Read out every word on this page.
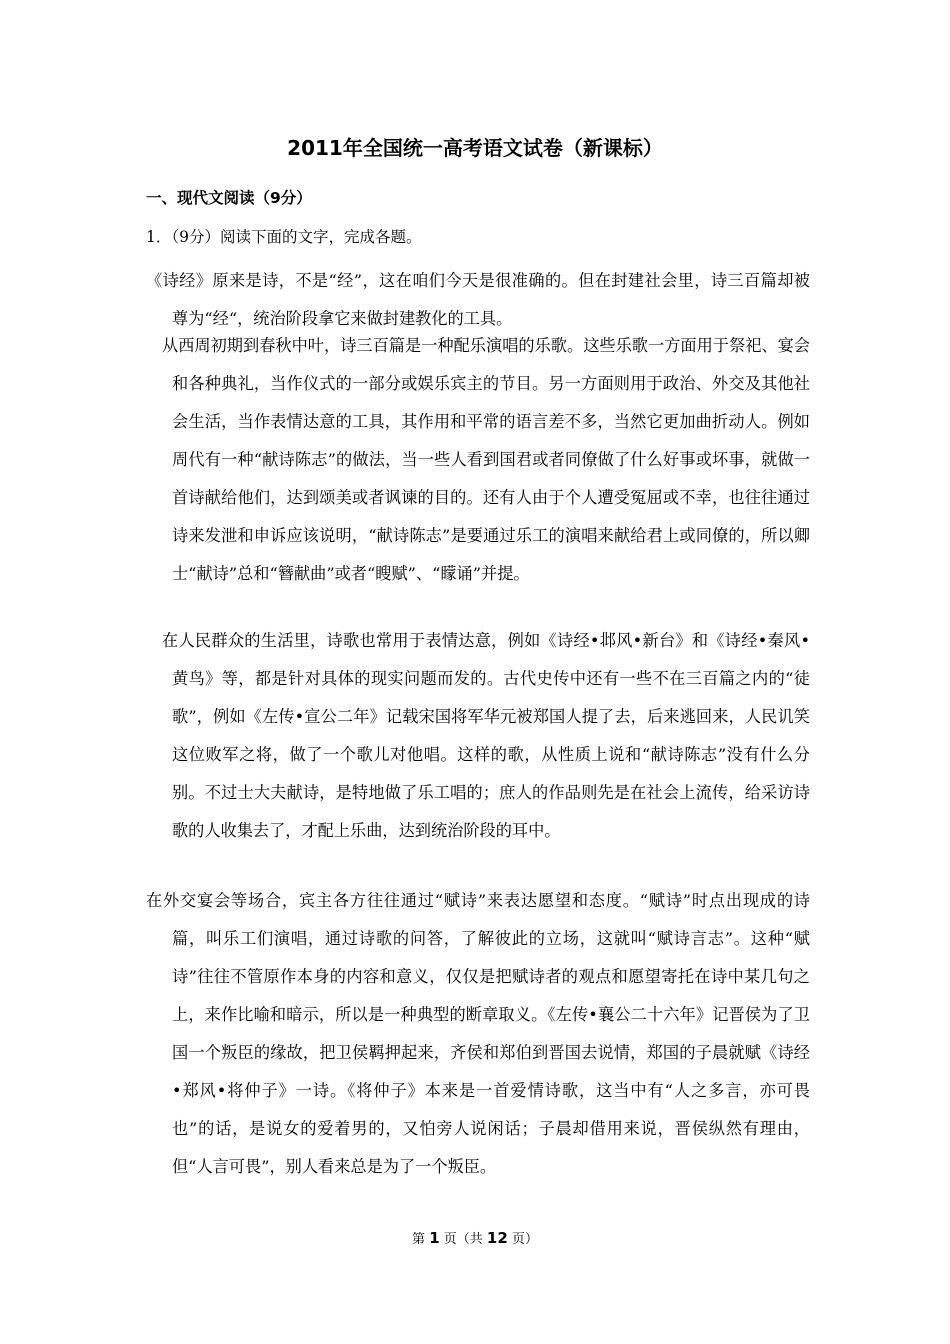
2011年全国统一高考语文试卷（新课标）
一、现代文阅读（9分）
1．（9分）阅读下面的文字，完成各题。
《诗经》原来是诗，不是“经”，这在咱们今天是很准确的。但在封建社会里，诗三百篇却被尊为“经“，统治阶段拿它来做封建教化的工具。
从西周初期到春秋中叶，诗三百篇是一种配乐演唱的乐歌。这些乐歌一方面用于祭祀、宴会和各种典礼，当作仪式的一部分或娱乐宾主的节目。另一方面则用于政治、外交及其他社会生活，当作表情达意的工具，其作用和平常的语言差不多，当然它更加曲折动人。例如周代有一种“献诗陈志”的做法，当一些人看到国君或者同僚做了什么好事或坏事，就做一首诗献给他们，达到颂美或者讽谏的目的。还有人由于个人遭受冤屈或不幸，也往往通过诗来发泄和申诉应该说明，“献诗陈志”是要通过乐工的演唱来献给君上或同僚的，所以卿士“献诗”总和“簪献曲”或者“瞍赋”、“矇诵”并提。
在人民群众的生活里，诗歌也常用于表情达意，例如《诗经•邶风•新台》和《诗经•秦风•黄鸟》等，都是针对具体的现实问题而发的。古代史传中还有一些不在三百篇之内的“徒歌”，例如《左传•宣公二年》记载宋国将军华元被郑国人提了去，后来逃回来，人民讥笑这位败军之将，做了一个歌儿对他唱。这样的歌，从性质上说和“献诗陈志”没有什么分别。不过士大夫献诗，是特地做了乐工唱的；庶人的作品则先是在社会上流传，给采访诗歌的人收集去了，才配上乐曲，达到统治阶段的耳中。
在外交宴会等场合，宾主各方往往通过“赋诗”来表达愿望和态度。“赋诗”时点出现成的诗篇，叫乐工们演唱，通过诗歌的问答，了解彼此的立场，这就叫“赋诗言志”。这种“赋诗”往往不管原作本身的内容和意义，仅仅是把赋诗者的观点和愿望寄托在诗中某几句之上，来作比喻和暗示，所以是一种典型的断章取义。《左传•襄公二十六年》记晋侯为了卫国一个叛臣的缘故，把卫侯羁押起来，齐侯和郑伯到晋国去说情，郑国的子晨就赋《诗经•郑风•将仲子》一诗。《将仲子》本来是一首爱情诗歌，这当中有“人之多言，亦可畏也”的话，是说女的爱着男的，又怕旁人说闲话；子晨却借用来说，晋侯纵然有理由，但“人言可畏”，别人看来总是为了一个叛臣。
第 1 页（共 12 页）
